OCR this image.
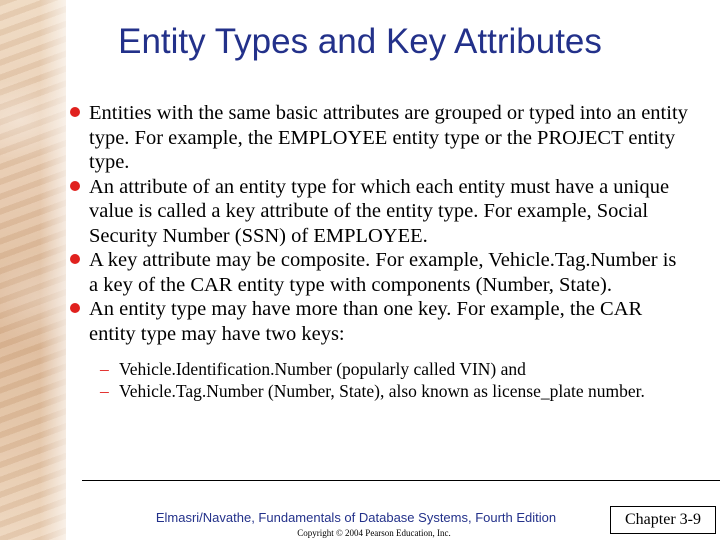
Entity Types and Key Attributes
Entities with the same basic attributes are grouped or typed into an entity type. For example, the EMPLOYEE entity type or the PROJECT entity type.
An attribute of an entity type for which each entity must have a unique value is called a key attribute of the entity type. For example, Social Security Number (SSN) of EMPLOYEE.
A key attribute may be composite. For example, Vehicle.Tag.Number is a key of the CAR entity type with components (Number, State).
An entity type may have more than one key. For example, the CAR entity type may have two keys:
– Vehicle.Identification.Number (popularly called VIN) and
– Vehicle.Tag.Number (Number, State), also known as license_plate number.
Elmasri/Navathe, Fundamentals of Database Systems, Fourth Edition
Copyright © 2004 Pearson Education, Inc.
Chapter 3-9
